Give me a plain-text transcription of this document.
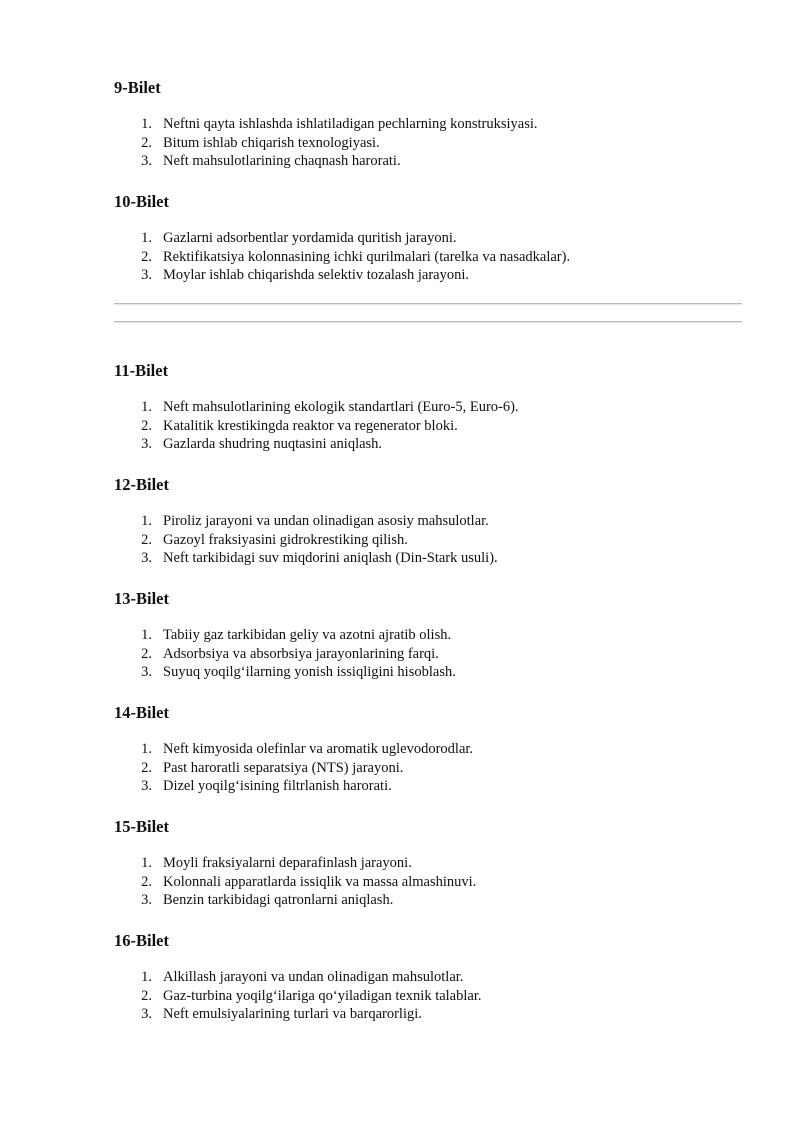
9-Bilet
1. Neftni qayta ishlashda ishlatiladigan pechlarning konstruksiyasi.
2. Bitum ishlab chiqarish texnologiyasi.
3. Neft mahsulotlarining chaqnash harorati.
10-Bilet
1. Gazlarni adsorbentlar yordamida quritish jarayoni.
2. Rektifikatsiya kolonnasining ichki qurilmalari (tarelka va nasadkalar).
3. Moylar ishlab chiqarishda selektiv tozalash jarayoni.
11-Bilet
1. Neft mahsulotlarining ekologik standartlari (Euro-5, Euro-6).
2. Katalitik krestikingda reaktor va regenerator bloki.
3. Gazlarda shudring nuqtasini aniqlash.
12-Bilet
1. Piroliz jarayoni va undan olinadigan asosiy mahsulotlar.
2. Gazoyl fraksiyasini gidrokrestiking qilish.
3. Neft tarkibidagi suv miqdorini aniqlash (Din-Stark usuli).
13-Bilet
1. Tabiiy gaz tarkibidan geliy va azotni ajratib olish.
2. Adsorbsiya va absorbsiya jarayonlarining farqi.
3. Suyuq yoqilg‘ilarning yonish issiqligini hisoblash.
14-Bilet
1. Neft kimyosida olefinlar va aromatik uglevodorodlar.
2. Past haroratli separatsiya (NTS) jarayoni.
3. Dizel yoqilg‘isining filtrlanish harorati.
15-Bilet
1. Moyli fraksiyalarni deparafinlash jarayoni.
2. Kolonnali apparatlarda issiqlik va massa almashinuvi.
3. Benzin tarkibidagi qatronlarni aniqlash.
16-Bilet
1. Alkillash jarayoni va undan olinadigan mahsulotlar.
2. Gaz-turbina yoqilg‘ilariga qo‘yiladigan texnik talablar.
3. Neft emulsiyalarining turlari va barqarorligi.
